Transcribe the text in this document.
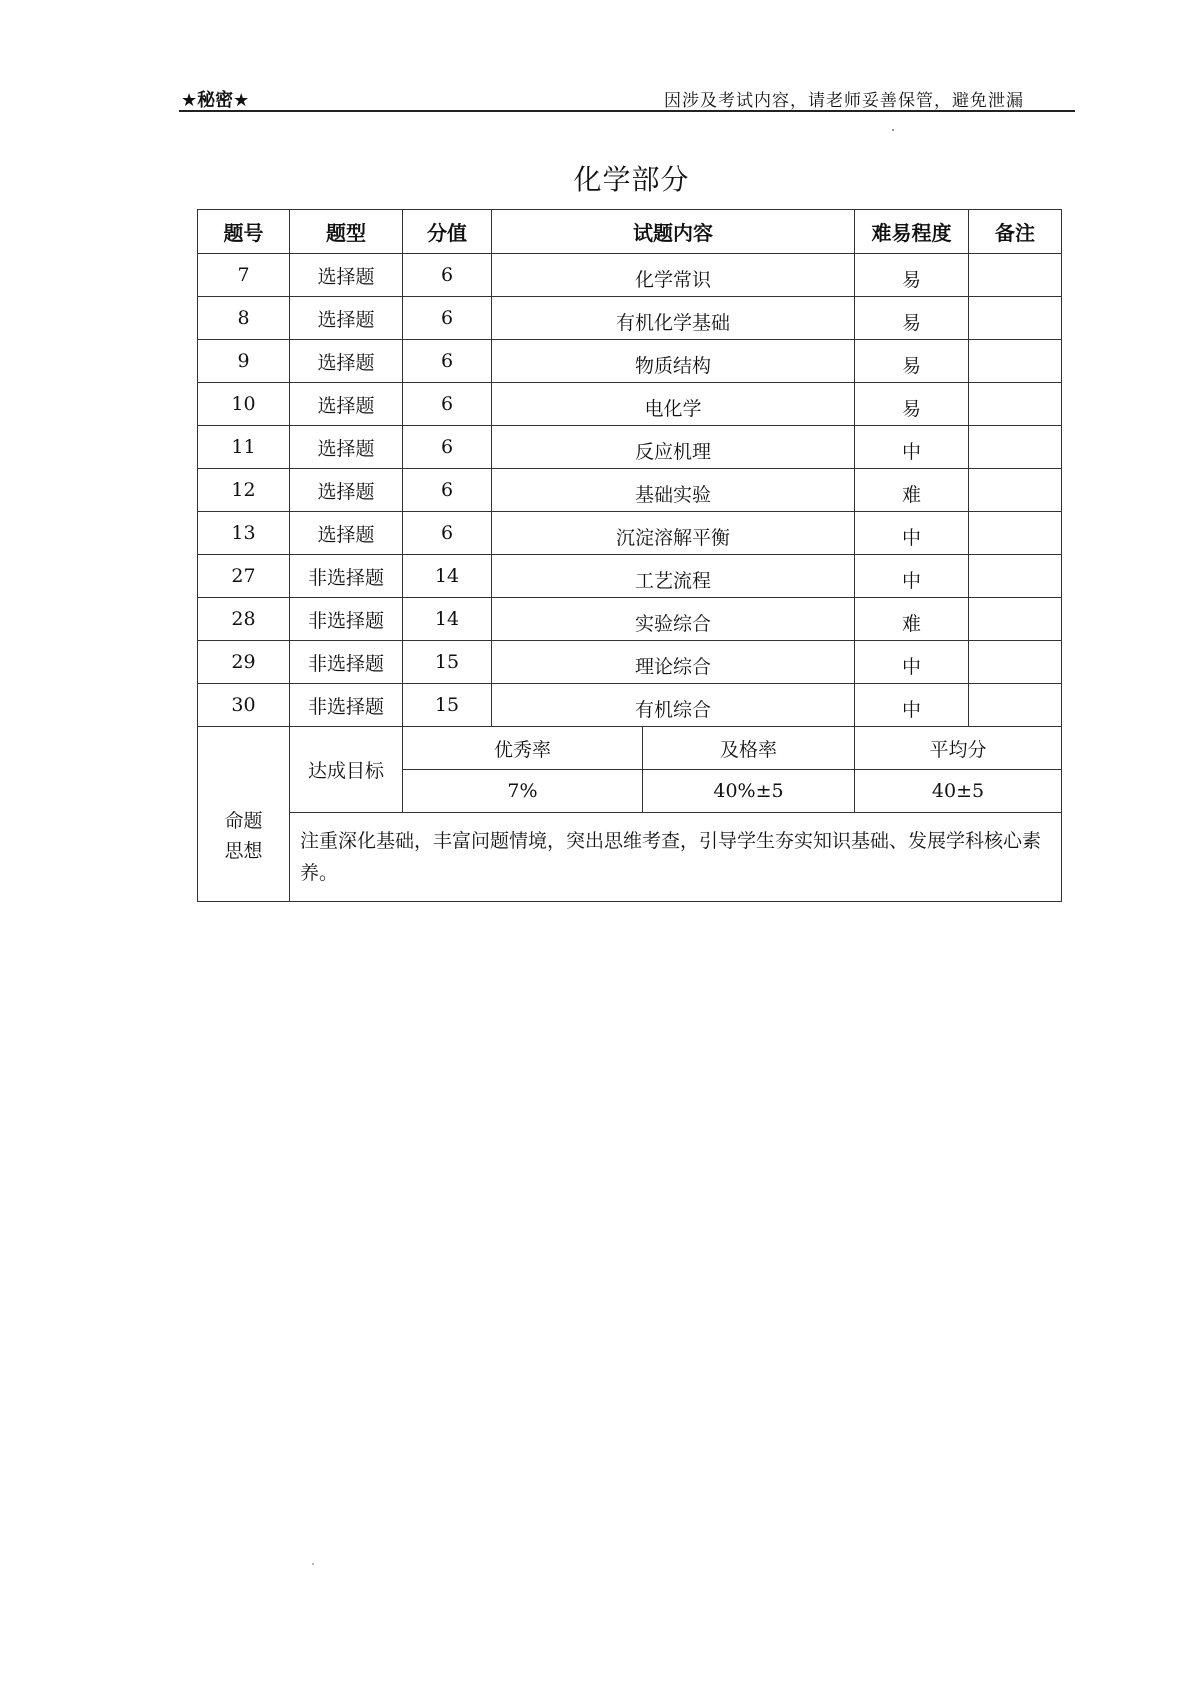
★秘密★	因涉及考试内容，请老师妥善保管，避免泄漏
化学部分
题号	题型	分值	试题内容		难易程度	备注
7	选择题	6	化学常识		易	
8	选择题	6	有机化学基础		易	
9	选择题	6	物质结构		易	
10	选择题	6	电化学		易	
11	选择题	6	反应机理		中	
12	选择题	6	基础实验		难	
13	选择题	6	沉淀溶解平衡		中	
27	非选择题	14	工艺流程		中	
28	非选择题	14	实验综合		难	
29	非选择题	15	理论综合		中	
30	非选择题	15	有机综合		中	

命题思想	达成目标	优秀率		及格率	平均分	
		7%		40%±5	40±5	
	注重深化基础，丰富问题情境，突出思维考查，引导学生夯实知识基础、发展学科核心素养。					
